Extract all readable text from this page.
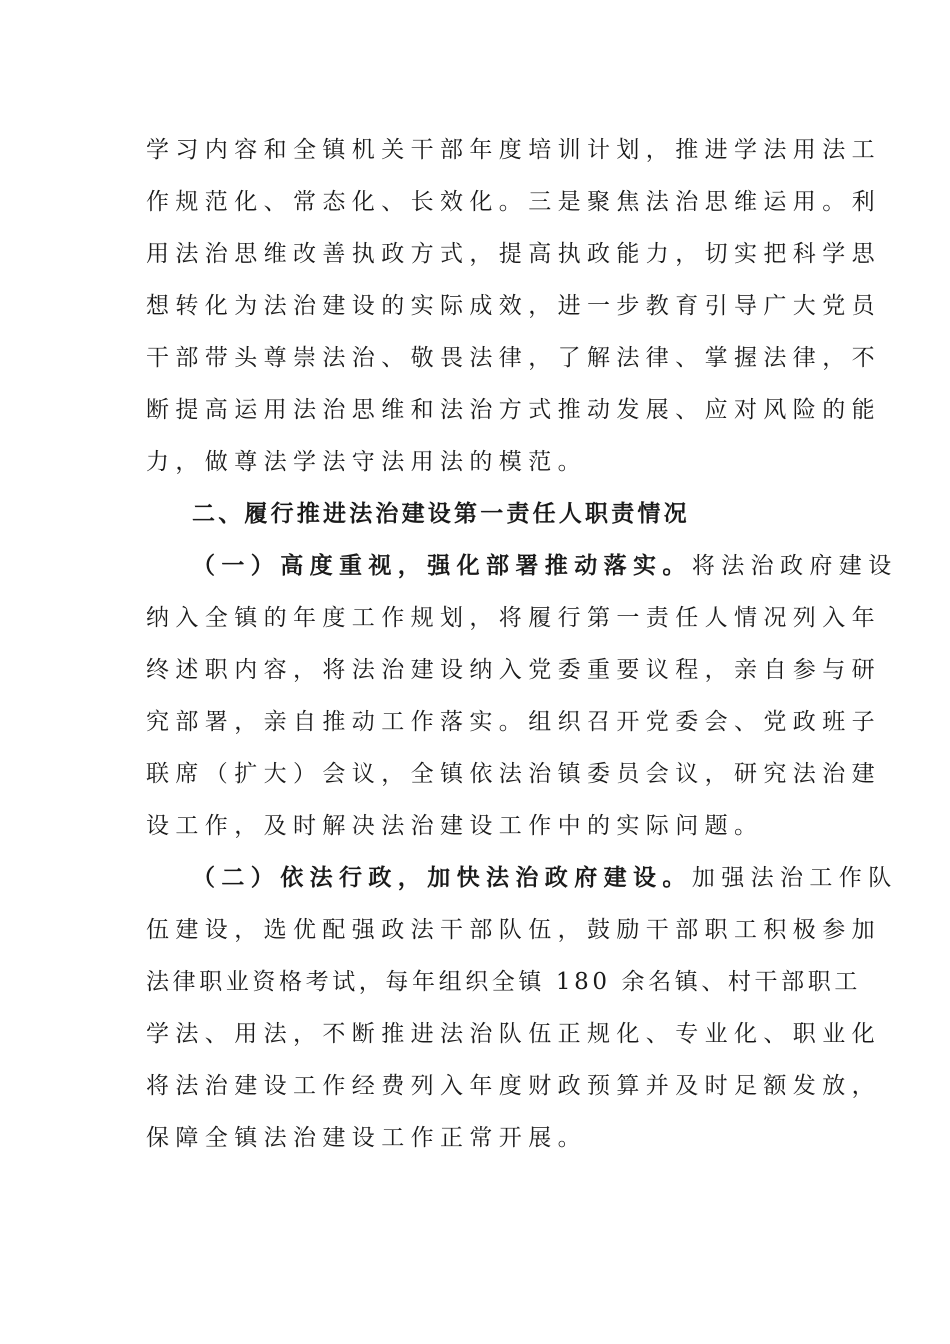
学习内容和全镇机关干部年度培训计划，推进学法用法工
作规范化、常态化、长效化。三是聚焦法治思维运用。利
用法治思维改善执政方式，提高执政能力，切实把科学思
想转化为法治建设的实际成效，进一步教育引导广大党员
干部带头尊崇法治、敬畏法律，了解法律、掌握法律，不
断提高运用法治思维和法治方式推动发展、应对风险的能
力，做尊法学法守法用法的模范。
二、履行推进法治建设第一责任人职责情况
（一）高度重视，强化部署推动落实。将法治政府建设
纳入全镇的年度工作规划，将履行第一责任人情况列入年
终述职内容，将法治建设纳入党委重要议程，亲自参与研
究部署，亲自推动工作落实。组织召开党委会、党政班子
联席（扩大）会议，全镇依法治镇委员会议，研究法治建
设工作，及时解决法治建设工作中的实际问题。
（二）依法行政，加快法治政府建设。加强法治工作队
伍建设，选优配强政法干部队伍，鼓励干部职工积极参加
法律职业资格考试，每年组织全镇 180 余名镇、村干部职工
学法、用法，不断推进法治队伍正规化、专业化、职业化
将法治建设工作经费列入年度财政预算并及时足额发放，
保障全镇法治建设工作正常开展。
